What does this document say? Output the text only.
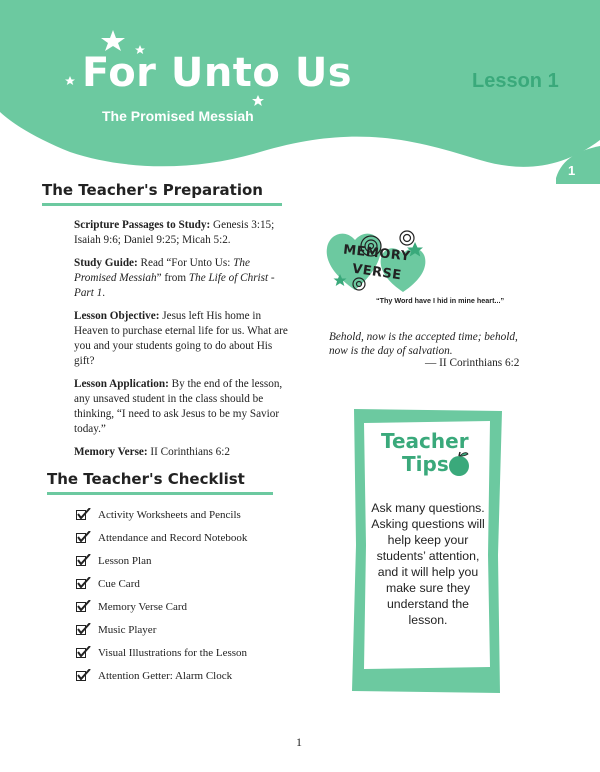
For Unto Us
The Promised Messiah
Lesson 1
1
The Teacher's Preparation

Scripture Passages to Study: Genesis 3:15; Isaiah 9:6; Daniel 9:25; Micah 5:2.

Study Guide: Read “For Unto Us: The Promised Messiah” from The Life of Christ - Part 1.

Lesson Objective: Jesus left His home in Heaven to purchase eternal life for us. What are you and your students going to do about His gift?

Lesson Application: By the end of the lesson, any unsaved student in the class should be thinking, “I need to ask Jesus to be my Savior today.”

Memory Verse: II Corinthians 6:2

The Teacher's Checklist
Activity Worksheets and Pencils
Attendance and Record Notebook
Lesson Plan
Cue Card
Memory Verse Card
Music Player
Visual Illustrations for the Lesson
Attention Getter: Alarm Clock
MEMORY
VERSE
“Thy Word have I hid in mine heart...”
Behold, now is the accepted time; behold, now is the day of salvation.
— II Corinthians 6:2
Teacher
Tips
Ask many questions. Asking questions will help keep your students’ attention, and it will help you make sure they understand the lesson.
1
